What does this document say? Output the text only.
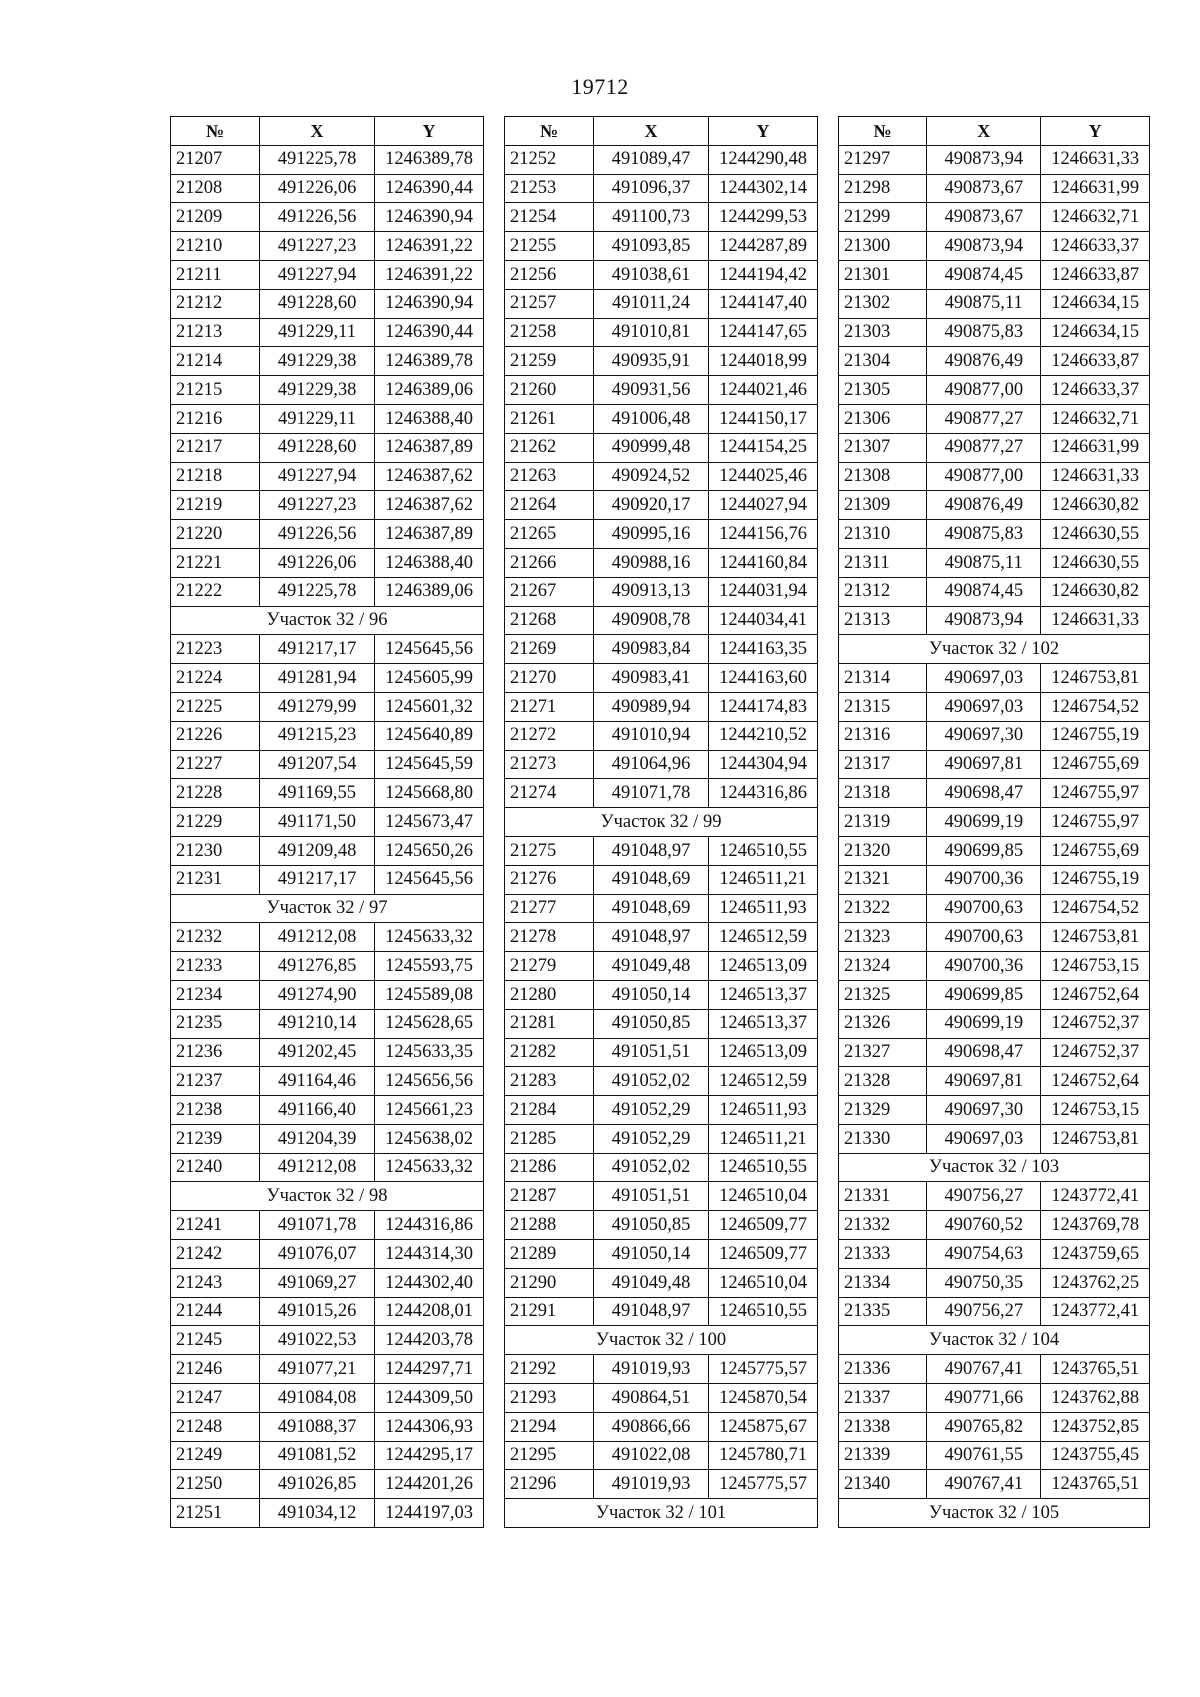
19712
№	X	Y
21207	491225,78	1246389,78
21208	491226,06	1246390,44
21209	491226,56	1246390,94
21210	491227,23	1246391,22
21211	491227,94	1246391,22
21212	491228,60	1246390,94
21213	491229,11	1246390,44
21214	491229,38	1246389,78
21215	491229,38	1246389,06
21216	491229,11	1246388,40
21217	491228,60	1246387,89
21218	491227,94	1246387,62
21219	491227,23	1246387,62
21220	491226,56	1246387,89
21221	491226,06	1246388,40
21222	491225,78	1246389,06
Участок 32 / 96		
21223	491217,17	1245645,56
21224	491281,94	1245605,99
21225	491279,99	1245601,32
21226	491215,23	1245640,89
21227	491207,54	1245645,59
21228	491169,55	1245668,80
21229	491171,50	1245673,47
21230	491209,48	1245650,26
21231	491217,17	1245645,56
Участок 32 / 97		
21232	491212,08	1245633,32
21233	491276,85	1245593,75
21234	491274,90	1245589,08
21235	491210,14	1245628,65
21236	491202,45	1245633,35
21237	491164,46	1245656,56
21238	491166,40	1245661,23
21239	491204,39	1245638,02
21240	491212,08	1245633,32
Участок 32 / 98		
21241	491071,78	1244316,86
21242	491076,07	1244314,30
21243	491069,27	1244302,40
21244	491015,26	1244208,01
21245	491022,53	1244203,78
21246	491077,21	1244297,71
21247	491084,08	1244309,50
21248	491088,37	1244306,93
21249	491081,52	1244295,17
21250	491026,85	1244201,26
21251	491034,12	1244197,03
№	X	Y
21252	491089,47	1244290,48
21253	491096,37	1244302,14
21254	491100,73	1244299,53
21255	491093,85	1244287,89
21256	491038,61	1244194,42
21257	491011,24	1244147,40
21258	491010,81	1244147,65
21259	490935,91	1244018,99
21260	490931,56	1244021,46
21261	491006,48	1244150,17
21262	490999,48	1244154,25
21263	490924,52	1244025,46
21264	490920,17	1244027,94
21265	490995,16	1244156,76
21266	490988,16	1244160,84
21267	490913,13	1244031,94
21268	490908,78	1244034,41
21269	490983,84	1244163,35
21270	490983,41	1244163,60
21271	490989,94	1244174,83
21272	491010,94	1244210,52
21273	491064,96	1244304,94
21274	491071,78	1244316,86
Участок 32 / 99		
21275	491048,97	1246510,55
21276	491048,69	1246511,21
21277	491048,69	1246511,93
21278	491048,97	1246512,59
21279	491049,48	1246513,09
21280	491050,14	1246513,37
21281	491050,85	1246513,37
21282	491051,51	1246513,09
21283	491052,02	1246512,59
21284	491052,29	1246511,93
21285	491052,29	1246511,21
21286	491052,02	1246510,55
21287	491051,51	1246510,04
21288	491050,85	1246509,77
21289	491050,14	1246509,77
21290	491049,48	1246510,04
21291	491048,97	1246510,55
Участок 32 / 100		
21292	491019,93	1245775,57
21293	490864,51	1245870,54
21294	490866,66	1245875,67
21295	491022,08	1245780,71
21296	491019,93	1245775,57
Участок 32 / 101		
№	X	Y
21297	490873,94	1246631,33
21298	490873,67	1246631,99
21299	490873,67	1246632,71
21300	490873,94	1246633,37
21301	490874,45	1246633,87
21302	490875,11	1246634,15
21303	490875,83	1246634,15
21304	490876,49	1246633,87
21305	490877,00	1246633,37
21306	490877,27	1246632,71
21307	490877,27	1246631,99
21308	490877,00	1246631,33
21309	490876,49	1246630,82
21310	490875,83	1246630,55
21311	490875,11	1246630,55
21312	490874,45	1246630,82
21313	490873,94	1246631,33
Участок 32 / 102		
21314	490697,03	1246753,81
21315	490697,03	1246754,52
21316	490697,30	1246755,19
21317	490697,81	1246755,69
21318	490698,47	1246755,97
21319	490699,19	1246755,97
21320	490699,85	1246755,69
21321	490700,36	1246755,19
21322	490700,63	1246754,52
21323	490700,63	1246753,81
21324	490700,36	1246753,15
21325	490699,85	1246752,64
21326	490699,19	1246752,37
21327	490698,47	1246752,37
21328	490697,81	1246752,64
21329	490697,30	1246753,15
21330	490697,03	1246753,81
Участок 32 / 103		
21331	490756,27	1243772,41
21332	490760,52	1243769,78
21333	490754,63	1243759,65
21334	490750,35	1243762,25
21335	490756,27	1243772,41
Участок 32 / 104		
21336	490767,41	1243765,51
21337	490771,66	1243762,88
21338	490765,82	1243752,85
21339	490761,55	1243755,45
21340	490767,41	1243765,51
Участок 32 / 105		
